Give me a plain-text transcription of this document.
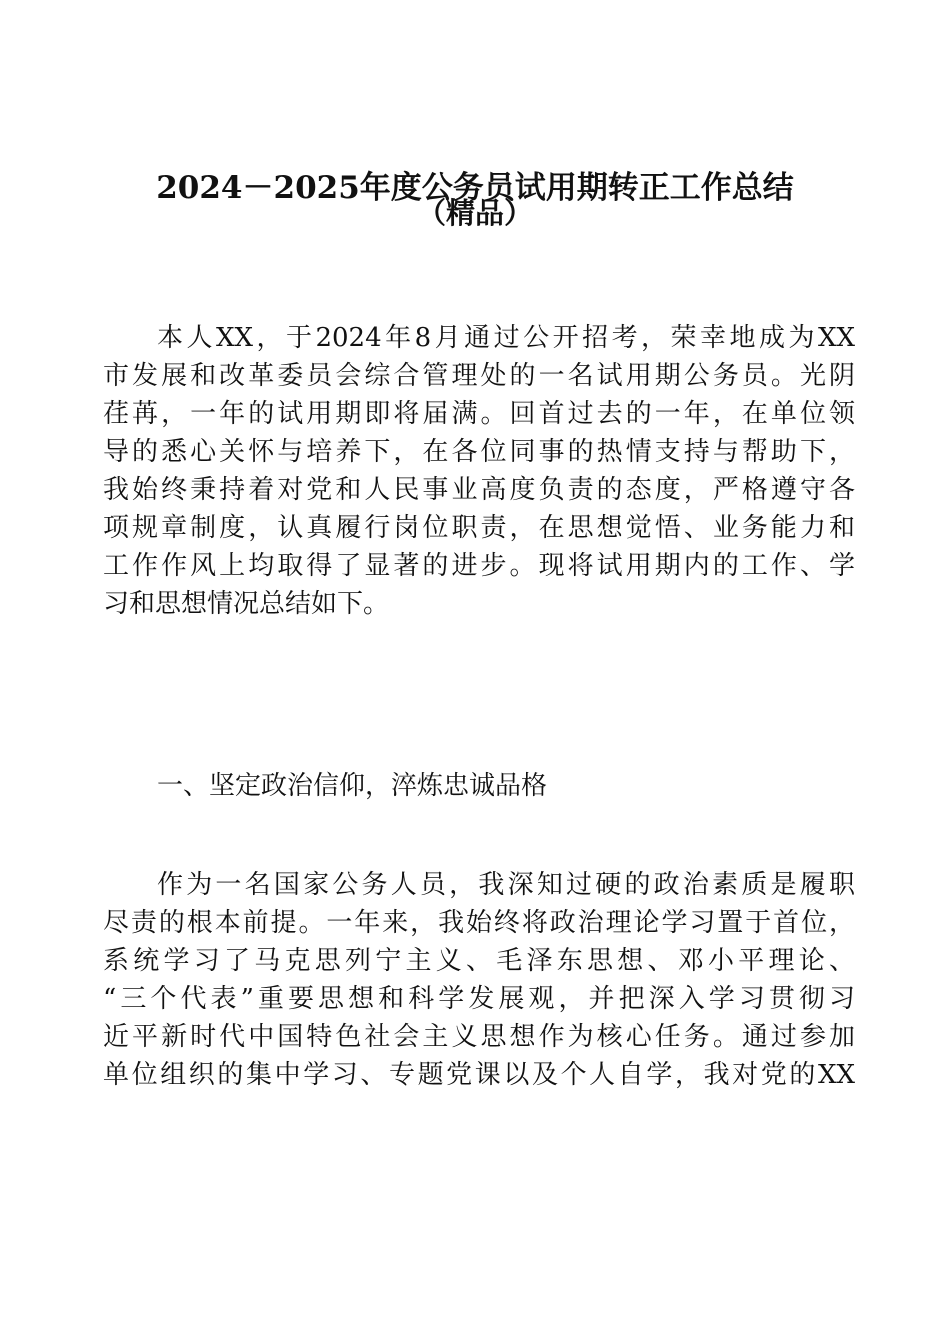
2024－2025年度公务员试用期转正工作总结
（精品）
本人XX，于2024年8月通过公开招考，荣幸地成为XX
市发展和改革委员会综合管理处的一名试用期公务员。光阴
荏苒，一年的试用期即将届满。回首过去的一年，在单位领
导的悉心关怀与培养下，在各位同事的热情支持与帮助下，
我始终秉持着对党和人民事业高度负责的态度，严格遵守各
项规章制度，认真履行岗位职责，在思想觉悟、业务能力和
工作作风上均取得了显著的进步。现将试用期内的工作、学
习和思想情况总结如下。
一、坚定政治信仰，淬炼忠诚品格
作为一名国家公务人员，我深知过硬的政治素质是履职
尽责的根本前提。一年来，我始终将政治理论学习置于首位，
系统学习了马克思列宁主义、毛泽东思想、邓小平理论、
“三个代表”重要思想和科学发展观，并把深入学习贯彻习
近平新时代中国特色社会主义思想作为核心任务。通过参加
单位组织的集中学习、专题党课以及个人自学，我对党的XX
